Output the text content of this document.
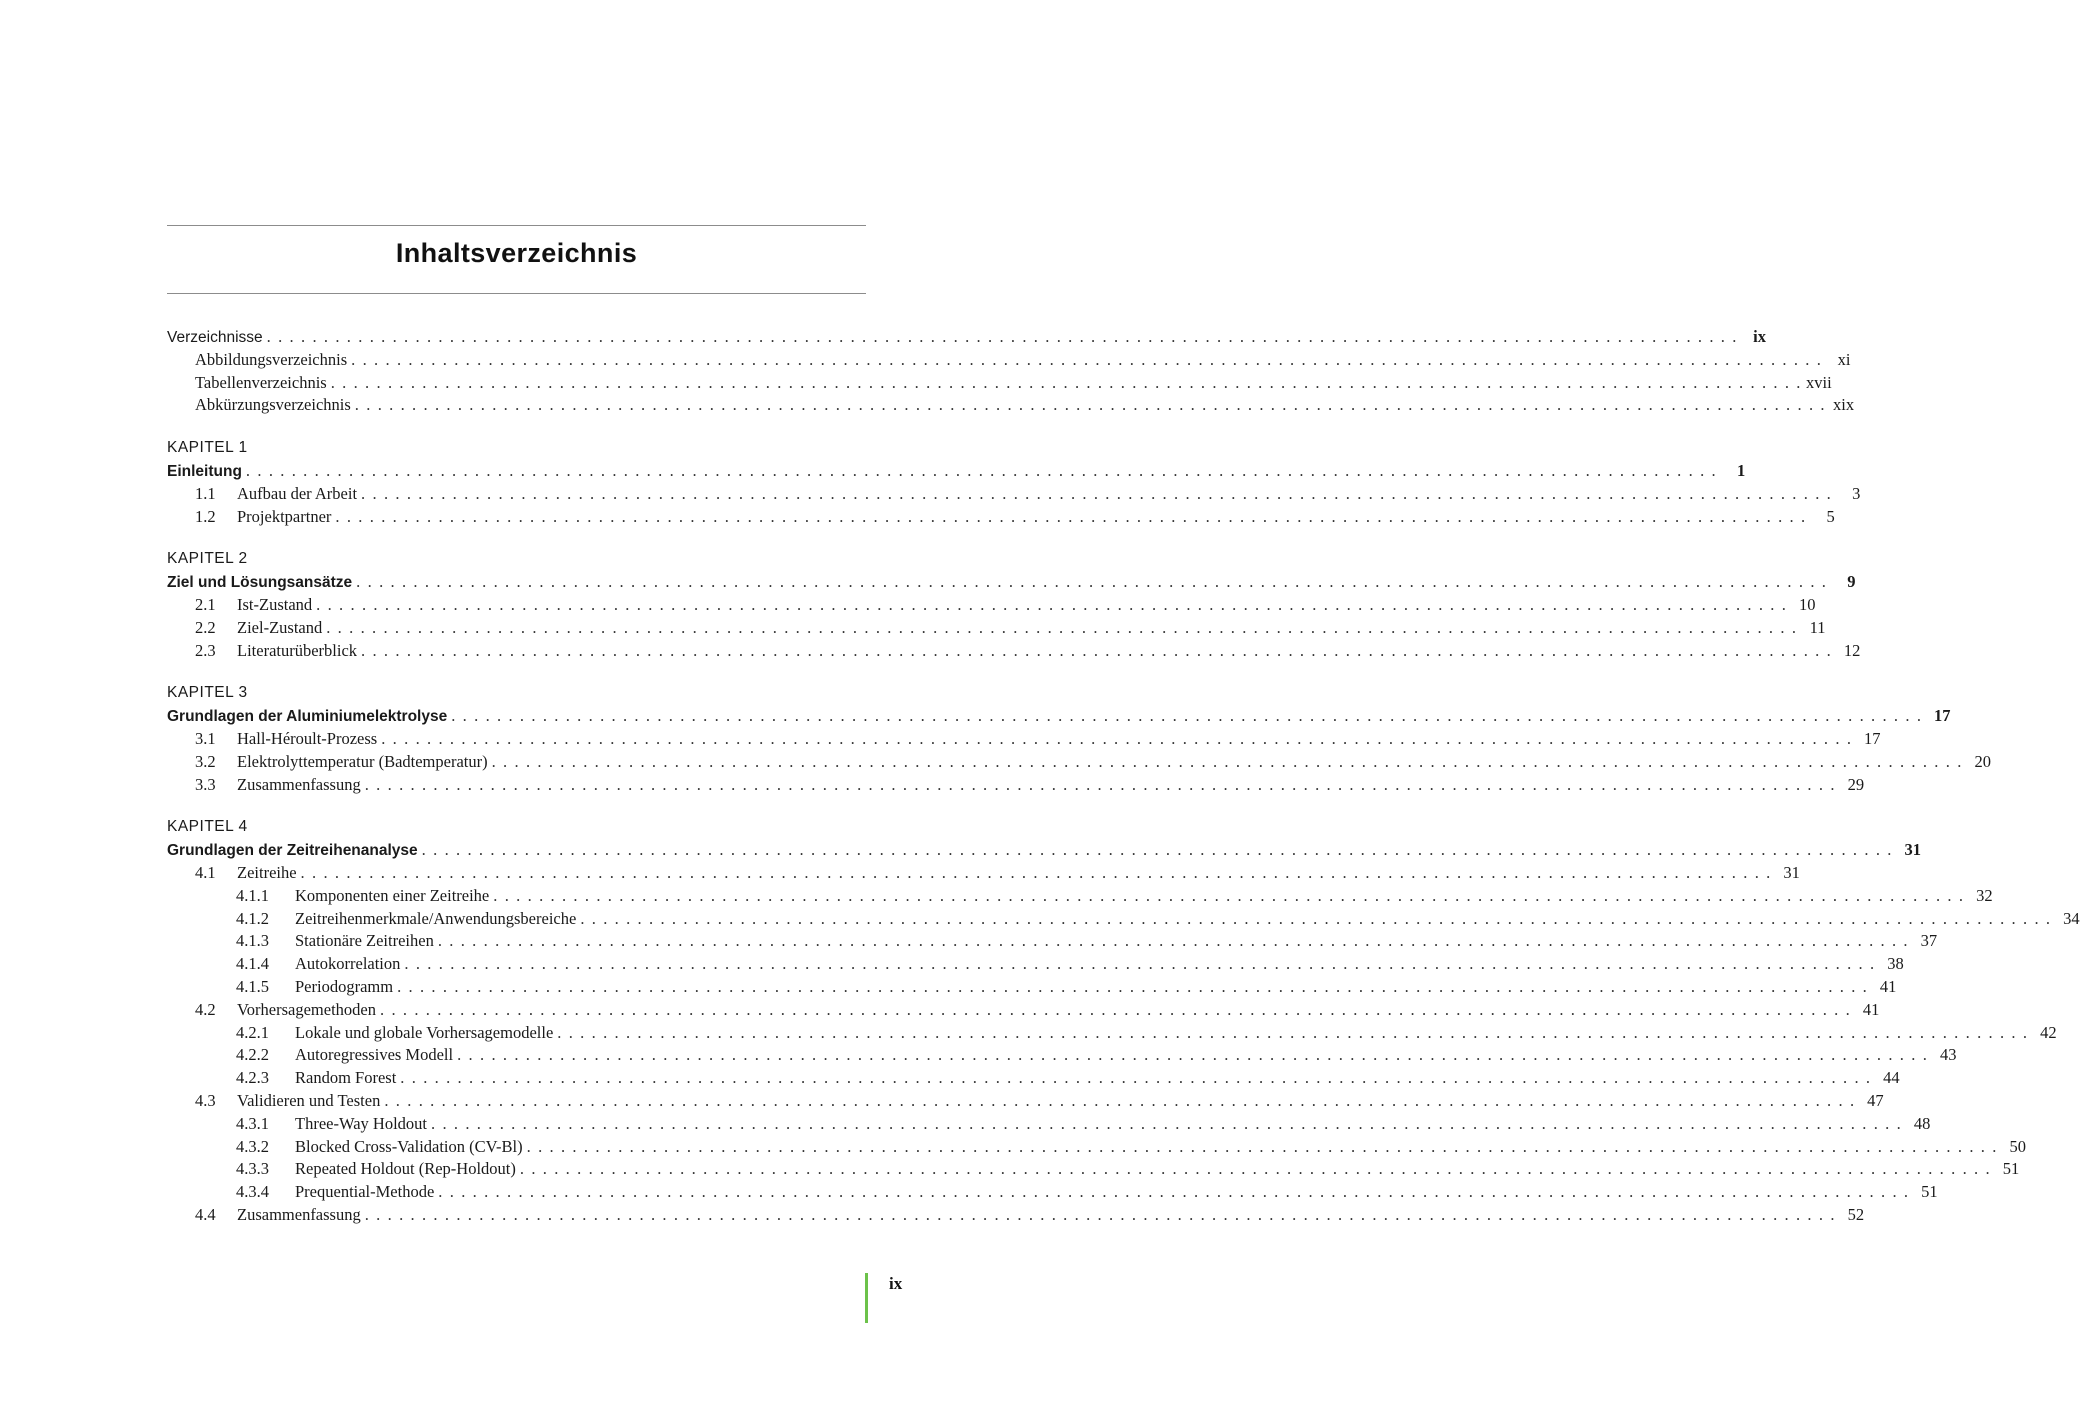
Inhaltsverzeichnis
Verzeichnisse . . . . . . . . . . . . . . . . . . . . . . . . . . . . . . . . . . . . . . . . . . . . . . . . . . . . . . . . . . . . . . . . . . . . . . . . . . . . . . . . . . . . . . . . . . . . . . . . . . . . . . . . . . . . . . . . . . . . . . . . . . . . . . . . . ix
Abbildungsverzeichnis . . . . . . . . . . . . . . . . . . . . . . . . . . . . . . . . . . . . . . . . . . . . . . . . . . . . . . . . . . . . . . . . . . . . . . . . . . . . . . . . . . . . . . . . . . . . . . . . . . . . . . . . . . . . . . . . . . . . . . . . . . . . . . . . . xi
Tabellenverzeichnis . . . . . . . . . . . . . . . . . . . . . . . . . . . . . . . . . . . . . . . . . . . . . . . . . . . . . . . . . . . . . . . . . . . . . . . . . . . . . . . . . . . . . . . . . . . . . . . . . . . . . . . . . . . . . . . . . . . . . . . . . . . . . . . . . xvii
Abkürzungsverzeichnis . . . . . . . . . . . . . . . . . . . . . . . . . . . . . . . . . . . . . . . . . . . . . . . . . . . . . . . . . . . . . . . . . . . . . . . . . . . . . . . . . . . . . . . . . . . . . . . . . . . . . . . . . . . . . . . . . . . . . . . . . . . . . . . . . xix
KAPITEL 1
Einleitung . . . . . . . . . . . . . . . . . . . . . . . . . . . . . . . . . . . . . . . . . . . . . . . . . . . . . . . . . . . . . . . . . . . . . . . . . . . . . . . . . . . . . . . . . . . . . . . . . . . . . . . . . . . . . . . . . . . . . . . . . . . . . . . . .	1
1.1	Aufbau der Arbeit . . . . . . . . . . . . . . . . . . . . . . . . . . . . . . . . . . . . . . . . . . . . . . . . . . . . . . . . . . . . . . . . . . . . . . . . . . . . . . . . . . . . . . . . . . . . . . . . . . . . . . . . . . . . . . . . . . . . . . . . . . . . . . . . .	3
1.2	Projektpartner . . . . . . . . . . . . . . . . . . . . . . . . . . . . . . . . . . . . . . . . . . . . . . . . . . . . . . . . . . . . . . . . . . . . . . . . . . . . . . . . . . . . . . . . . . . . . . . . . . . . . . . . . . . . . . . . . . . . . . . . . . . . . . . . .	5
KAPITEL 2
Ziel und Lösungsansätze . . . . . . . . . . . . . . . . . . . . . . . . . . . . . . . . . . . . . . . . . . . . . . . . . . . . . . . . . . . . . . . . . . . . . . . . . . . . . . . . . . . . . . . . . . . . . . . . . . . . . . . . . . . . . . . . . . . . . . . . . . . . . . . . .	9
2.1	Ist-Zustand . . . . . . . . . . . . . . . . . . . . . . . . . . . . . . . . . . . . . . . . . . . . . . . . . . . . . . . . . . . . . . . . . . . . . . . . . . . . . . . . . . . . . . . . . . . . . . . . . . . . . . . . . . . . . . . . . . . . . . . . . . . . . . . . . 10
2.2	Ziel-Zustand . . . . . . . . . . . . . . . . . . . . . . . . . . . . . . . . . . . . . . . . . . . . . . . . . . . . . . . . . . . . . . . . . . . . . . . . . . . . . . . . . . . . . . . . . . . . . . . . . . . . . . . . . . . . . . . . . . . . . . . . . . . . . . . . . 11
2.3	Literaturüberblick . . . . . . . . . . . . . . . . . . . . . . . . . . . . . . . . . . . . . . . . . . . . . . . . . . . . . . . . . . . . . . . . . . . . . . . . . . . . . . . . . . . . . . . . . . . . . . . . . . . . . . . . . . . . . . . . . . . . . . . . . . . . . . . . . 12
KAPITEL 3
Grundlagen der Aluminiumelektrolyse . . . . . . . . . . . . . . . . . . . . . . . . . . . . . . . . . . . . . . . . . . . . . . . . . . . . . . . . . . . . . . . . . . . . . . . . . . . . . . . . . . . . . . . . . . . . . . . . . . . . . . . . . . . . . . . . . . . . . . . . . . . . . . . . . 17
3.1	Hall-Héroult-Prozess . . . . . . . . . . . . . . . . . . . . . . . . . . . . . . . . . . . . . . . . . . . . . . . . . . . . . . . . . . . . . . . . . . . . . . . . . . . . . . . . . . . . . . . . . . . . . . . . . . . . . . . . . . . . . . . . . . . . . . . . . . . . . . . . . 17
3.2	Elektrolyttemperatur (Badtemperatur) . . . . . . . . . . . . . . . . . . . . . . . . . . . . . . . . . . . . . . . . . . . . . . . . . . . . . . . . . . . . . . . . . . . . . . . . . . . . . . . . . . . . . . . . . . . . . . . . . . . . . . . . . . . . . . . . . . . . . . . . . . . . . . . . . 20
3.3	Zusammenfassung . . . . . . . . . . . . . . . . . . . . . . . . . . . . . . . . . . . . . . . . . . . . . . . . . . . . . . . . . . . . . . . . . . . . . . . . . . . . . . . . . . . . . . . . . . . . . . . . . . . . . . . . . . . . . . . . . . . . . . . . . . . . . . . . . 29
KAPITEL 4
Grundlagen der Zeitreihenanalyse . . . . . . . . . . . . . . . . . . . . . . . . . . . . . . . . . . . . . . . . . . . . . . . . . . . . . . . . . . . . . . . . . . . . . . . . . . . . . . . . . . . . . . . . . . . . . . . . . . . . . . . . . . . . . . . . . . . . . . . . . . . . . . . . . 31
4.1	Zeitreihe . . . . . . . . . . . . . . . . . . . . . . . . . . . . . . . . . . . . . . . . . . . . . . . . . . . . . . . . . . . . . . . . . . . . . . . . . . . . . . . . . . . . . . . . . . . . . . . . . . . . . . . . . . . . . . . . . . . . . . . . . . . . . . . . . 31
4.1.1	Komponenten einer Zeitreihe . . . . . . . . . . . . . . . . . . . . . . . . . . . . . . . . . . . . . . . . . . . . . . . . . . . . . . . . . . . . . . . . . . . . . . . . . . . . . . . . . . . . . . . . . . . . . . . . . . . . . . . . . . . . . . . . . . . . . . . . . . . . . . . . . 32
4.1.2	Zeitreihenmerkmale/Anwendungsbereiche . . . . . . . . . . . . . . . . . . . . . . . . . . . . . . . . . . . . . . . . . . . . . . . . . . . . . . . . . . . . . . . . . . . . . . . . . . . . . . . . . . . . . . . . . . . . . . . . . . . . . . . . . . . . . . . . . . . . . . . . . . . . . . . . . 34
4.1.3	Stationäre Zeitreihen . . . . . . . . . . . . . . . . . . . . . . . . . . . . . . . . . . . . . . . . . . . . . . . . . . . . . . . . . . . . . . . . . . . . . . . . . . . . . . . . . . . . . . . . . . . . . . . . . . . . . . . . . . . . . . . . . . . . . . . . . . . . . . . . . 37
4.1.4	Autokorrelation . . . . . . . . . . . . . . . . . . . . . . . . . . . . . . . . . . . . . . . . . . . . . . . . . . . . . . . . . . . . . . . . . . . . . . . . . . . . . . . . . . . . . . . . . . . . . . . . . . . . . . . . . . . . . . . . . . . . . . . . . . . . . . . . . 38
4.1.5	Periodogramm . . . . . . . . . . . . . . . . . . . . . . . . . . . . . . . . . . . . . . . . . . . . . . . . . . . . . . . . . . . . . . . . . . . . . . . . . . . . . . . . . . . . . . . . . . . . . . . . . . . . . . . . . . . . . . . . . . . . . . . . . . . . . . . . . 41
4.2	Vorhersagemethoden . . . . . . . . . . . . . . . . . . . . . . . . . . . . . . . . . . . . . . . . . . . . . . . . . . . . . . . . . . . . . . . . . . . . . . . . . . . . . . . . . . . . . . . . . . . . . . . . . . . . . . . . . . . . . . . . . . . . . . . . . . . . . . . . . 41
4.2.1	Lokale und globale Vorhersagemodelle . . . . . . . . . . . . . . . . . . . . . . . . . . . . . . . . . . . . . . . . . . . . . . . . . . . . . . . . . . . . . . . . . . . . . . . . . . . . . . . . . . . . . . . . . . . . . . . . . . . . . . . . . . . . . . . . . . . . . . . . . . . . . . . . . 42
4.2.2	Autoregressives Modell . . . . . . . . . . . . . . . . . . . . . . . . . . . . . . . . . . . . . . . . . . . . . . . . . . . . . . . . . . . . . . . . . . . . . . . . . . . . . . . . . . . . . . . . . . . . . . . . . . . . . . . . . . . . . . . . . . . . . . . . . . . . . . . . . 43
4.2.3	Random Forest . . . . . . . . . . . . . . . . . . . . . . . . . . . . . . . . . . . . . . . . . . . . . . . . . . . . . . . . . . . . . . . . . . . . . . . . . . . . . . . . . . . . . . . . . . . . . . . . . . . . . . . . . . . . . . . . . . . . . . . . . . . . . . . . . 44
4.3	Validieren und Testen . . . . . . . . . . . . . . . . . . . . . . . . . . . . . . . . . . . . . . . . . . . . . . . . . . . . . . . . . . . . . . . . . . . . . . . . . . . . . . . . . . . . . . . . . . . . . . . . . . . . . . . . . . . . . . . . . . . . . . . . . . . . . . . . . 47
4.3.1	Three-Way Holdout . . . . . . . . . . . . . . . . . . . . . . . . . . . . . . . . . . . . . . . . . . . . . . . . . . . . . . . . . . . . . . . . . . . . . . . . . . . . . . . . . . . . . . . . . . . . . . . . . . . . . . . . . . . . . . . . . . . . . . . . . . . . . . . . . 48
4.3.2	Blocked Cross-Validation (CV-Bl) . . . . . . . . . . . . . . . . . . . . . . . . . . . . . . . . . . . . . . . . . . . . . . . . . . . . . . . . . . . . . . . . . . . . . . . . . . . . . . . . . . . . . . . . . . . . . . . . . . . . . . . . . . . . . . . . . . . . . . . . . . . . . . . . . 50
4.3.3	Repeated Holdout (Rep-Holdout) . . . . . . . . . . . . . . . . . . . . . . . . . . . . . . . . . . . . . . . . . . . . . . . . . . . . . . . . . . . . . . . . . . . . . . . . . . . . . . . . . . . . . . . . . . . . . . . . . . . . . . . . . . . . . . . . . . . . . . . . . . . . . . . . . 51
4.3.4	Prequential-Methode . . . . . . . . . . . . . . . . . . . . . . . . . . . . . . . . . . . . . . . . . . . . . . . . . . . . . . . . . . . . . . . . . . . . . . . . . . . . . . . . . . . . . . . . . . . . . . . . . . . . . . . . . . . . . . . . . . . . . . . . . . . . . . . . . 51
4.4	Zusammenfassung . . . . . . . . . . . . . . . . . . . . . . . . . . . . . . . . . . . . . . . . . . . . . . . . . . . . . . . . . . . . . . . . . . . . . . . . . . . . . . . . . . . . . . . . . . . . . . . . . . . . . . . . . . . . . . . . . . . . . . . . . . . . . . . . . 52
ix
